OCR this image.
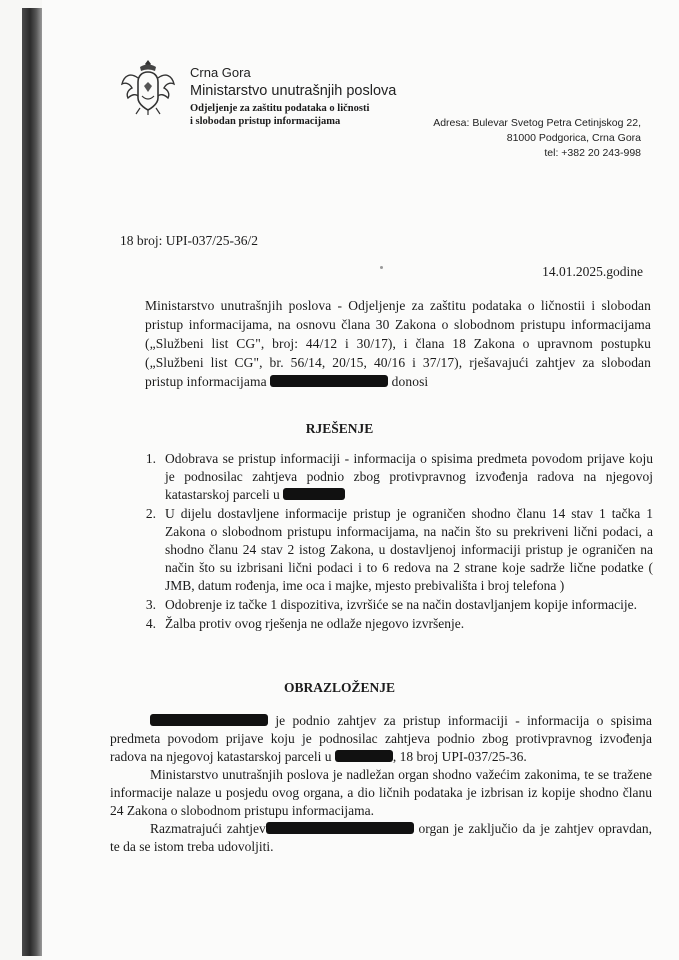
Crna Gora
Ministarstvo unutrašnjih poslova
Odjeljenje za zaštitu podataka o ličnosti
i slobodan pristup informacijama	Adresa: Bulevar Svetog Petra Cetinjskog 22,
81000 Podgorica, Crna Gora
tel: +382 20 243-998
18 broj: UPI-037/25-36/2
14.01.2025.godine
Ministarstvo unutrašnjih poslova - Odjeljenje za zaštitu podataka o ličnostii i slobodan pristup informacijama, na osnovu člana 30 Zakona o slobodnom pristupu informacijama („Službeni list CG", broj: 44/12 i 30/17), i člana 18 Zakona o upravnom postupku („Službeni list CG", br. 56/14, 20/15, 40/16 i 37/17), rješavajući zahtjev za slobodan pristup informacijama	donosi
RJEŠENJE
1. Odobrava se pristup informaciji - informacija o spisima predmeta povodom prijave koju je podnosilac zahtjeva podnio zbog protivpravnog izvođenja radova na njegovoj katastarskoj parceli u
2. U dijelu dostavljene informacije pristup je ograničen shodno članu 14 stav 1 tačka 1 Zakona o slobodnom pristupu informacijama, na način što su prekriveni lični podaci, a shodno članu 24 stav 2 istog Zakona, u dostavljenoj informaciji pristup je ograničen na način što su izbrisani lični podaci i to 6 redova na 2 strane koje sadrže lične podatke ( JMB, datum rođenja, ime oca i majke, mjesto prebivališta i broj telefona )
3. Odobrenje iz tačke 1 dispozitiva, izvršiće se na način dostavljanjem kopije informacije.
4. Žalba protiv ovog rješenja ne odlaže njegovo izvršenje.
OBRAZLOŽENJE

je podnio zahtjev za pristup informaciji - informacija o spisima predmeta povodom prijave koju je podnosilac zahtjeva podnio zbog protivpravnog izvođenja radova na njegovoj katastarskoj parceli u	, 18 broj UPI-037/25-36.

Ministarstvo unutrašnjih poslova je nadležan organ shodno važećim zakonima, te se tražene informacije nalaze u posjedu ovog organa, a dio ličnih podataka je izbrisan iz kopije shodno članu 24 Zakona o slobodnom pristupu informacijama.

Razmatrajući zahtjev	organ je zaključio da je zahtjev opravdan, te da se istom treba udovoljiti.
